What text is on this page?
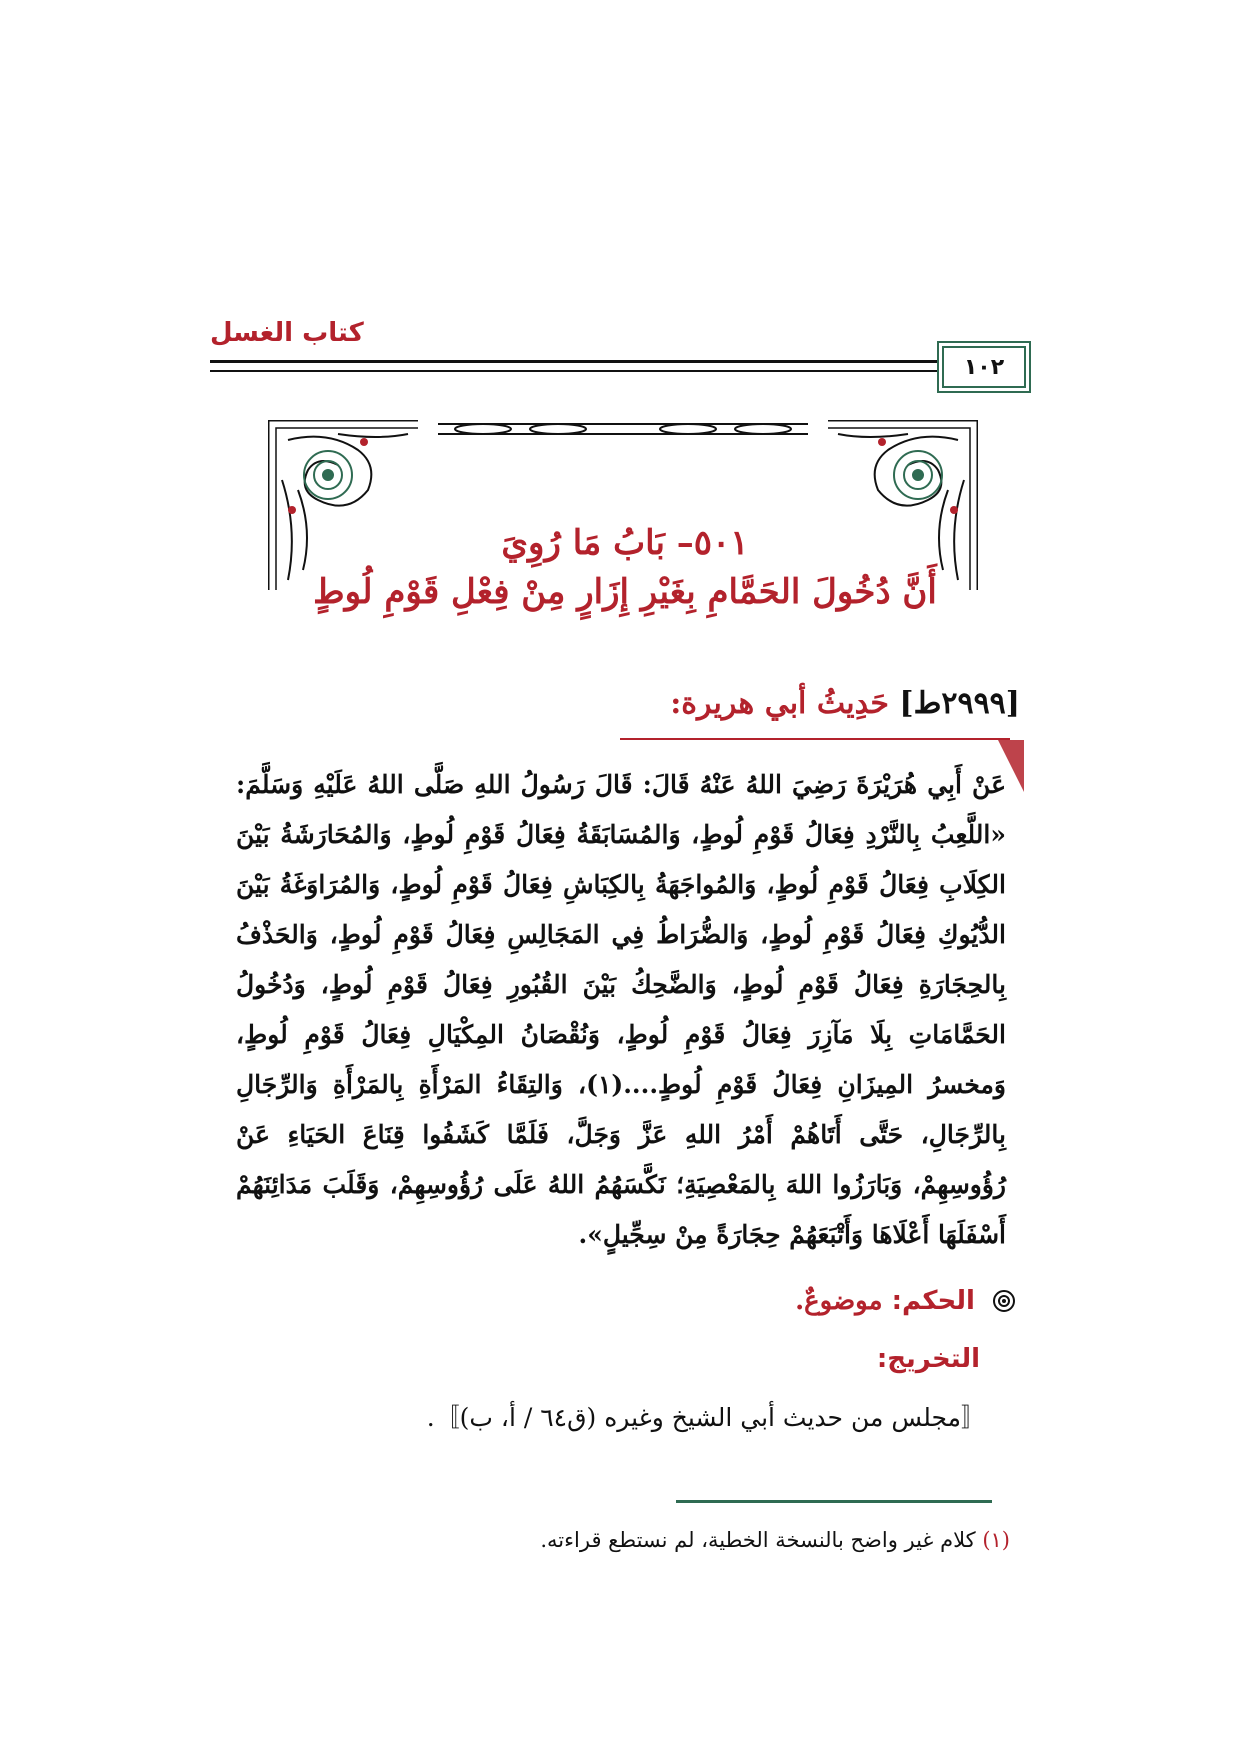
كتاب الغسل
١٠٢
٥٠١– بَابُ مَا رُوِيَ
أَنَّ دُخُولَ الحَمَّامِ بِغَيْرِ إِزَارٍ مِنْ فِعْلِ قَوْمِ لُوطٍ
[٢٩٩٩ط] حَدِيثُ أبي هريرة:
عَنْ أَبِي هُرَيْرَةَ رَضِيَ اللهُ عَنْهُ قَالَ: قَالَ رَسُولُ اللهِ صَلَّى اللهُ عَلَيْهِ وَسَلَّمَ: «اللَّعِبُ بِالنَّرْدِ فِعَالُ قَوْمِ لُوطٍ، وَالمُسَابَقَةُ فِعَالُ قَوْمِ لُوطٍ، وَالمُحَارَشَةُ بَيْنَ الكِلَابِ فِعَالُ قَوْمِ لُوطٍ، وَالمُواجَهَةُ بِالكِبَاشِ فِعَالُ قَوْمِ لُوطٍ، وَالمُرَاوَغَةُ بَيْنَ الدُّيُوكِ فِعَالُ قَوْمِ لُوطٍ، وَالضُّرَاطُ فِي المَجَالِسِ فِعَالُ قَوْمِ لُوطٍ، وَالحَذْفُ بِالحِجَارَةِ فِعَالُ قَوْمِ لُوطٍ، وَالضَّحِكُ بَيْنَ القُبُورِ فِعَالُ قَوْمِ لُوطٍ، وَدُخُولُ الحَمَّامَاتِ بِلَا مَآزِرَ فِعَالُ قَوْمِ لُوطٍ، وَنُقْصَانُ المِكْيَالِ فِعَالُ قَوْمِ لُوطٍ، وَمخسرُ المِيزَانِ فِعَالُ قَوْمِ لُوطٍ....(١)، وَالتِقَاءُ المَرْأَةِ بِالمَرْأَةِ وَالرِّجَالِ بِالرِّجَالِ، حَتَّى أَتَاهُمْ أَمْرُ اللهِ عَزَّ وَجَلَّ، فَلَمَّا كَشَفُوا قِنَاعَ الحَيَاءِ عَنْ رُؤُوسِهِمْ، وَبَارَزُوا اللهَ بِالمَعْصِيَةِ؛ نَكَّسَهُمُ اللهُ عَلَى رُؤُوسِهِمْ، وَقَلَبَ مَدَائِنَهُمْ أَسْفَلَهَا أَعْلَاهَا وَأَتْبَعَهُمْ حِجَارَةً مِنْ سِجِّيلٍ».
الحكم: موضوعٌ.
التخريج:
〚مجلس من حديث أبي الشيخ وغيره (ق٦٤ / أ، ب)〛.
(١) كلام غير واضح بالنسخة الخطية، لم نستطع قراءته.
